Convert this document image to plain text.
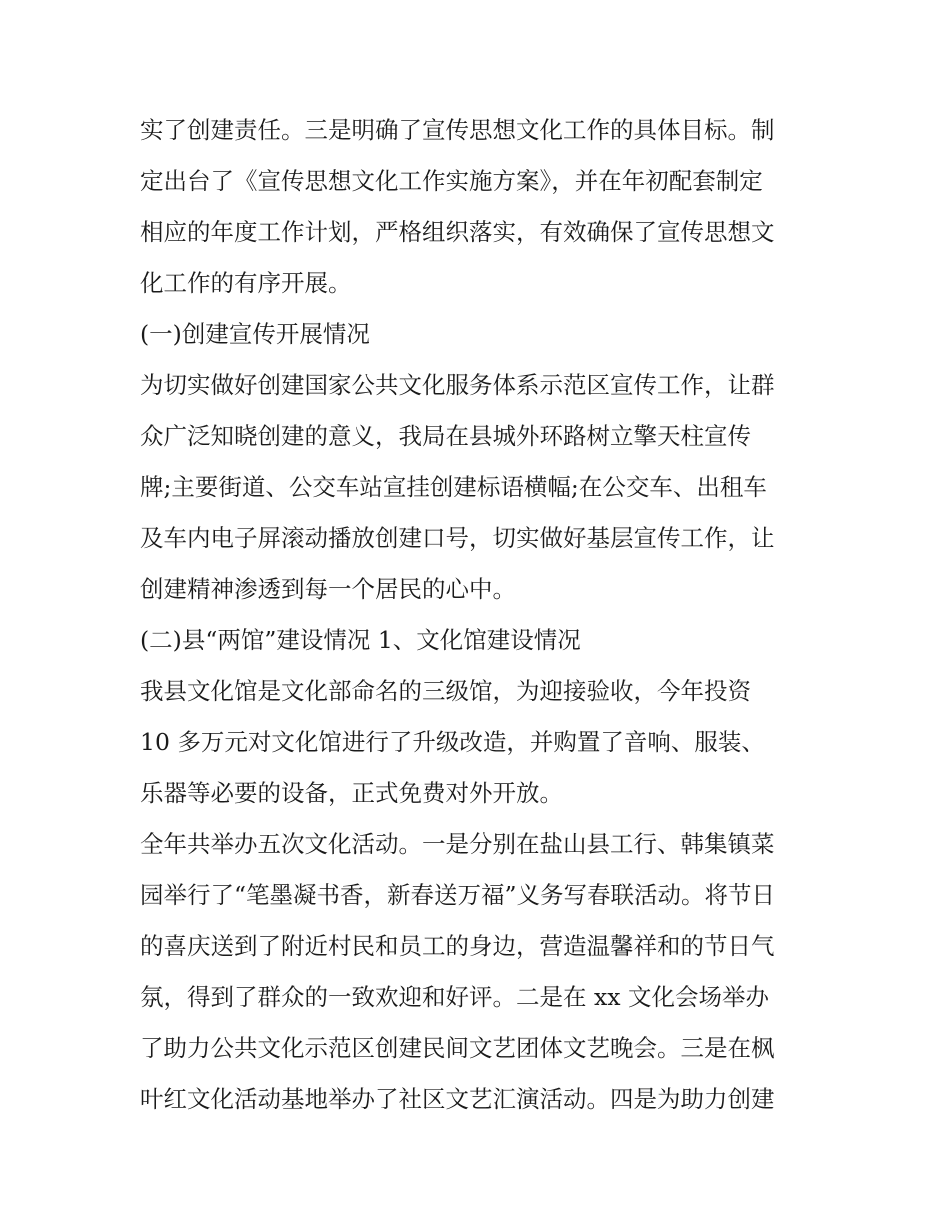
实了创建责任。三是明确了宣传思想文化工作的具体目标。制
定出台了《宣传思想文化工作实施方案》，并在年初配套制定
相应的年度工作计划，严格组织落实，有效确保了宣传思想文
化工作的有序开展。
(一)创建宣传开展情况
为切实做好创建国家公共文化服务体系示范区宣传工作，让群
众广泛知晓创建的意义，我局在县城外环路树立擎天柱宣传
牌;主要街道、公交车站宣挂创建标语横幅;在公交车、出租车
及车内电子屏滚动播放创建口号，切实做好基层宣传工作，让
创建精神渗透到每一个居民的心中。
(二)县“两馆”建设情况 1、文化馆建设情况
我县文化馆是文化部命名的三级馆，为迎接验收，今年投资
10 多万元对文化馆进行了升级改造，并购置了音响、服装、
乐器等必要的设备，正式免费对外开放。
全年共举办五次文化活动。一是分别在盐山县工行、韩集镇菜
园举行了“笔墨凝书香，新春送万福”义务写春联活动。将节日
的喜庆送到了附近村民和员工的身边，营造温馨祥和的节日气
氛，得到了群众的一致欢迎和好评。二是在 xx 文化会场举办
了助力公共文化示范区创建民间文艺团体文艺晚会。三是在枫
叶红文化活动基地举办了社区文艺汇演活动。四是为助力创建
